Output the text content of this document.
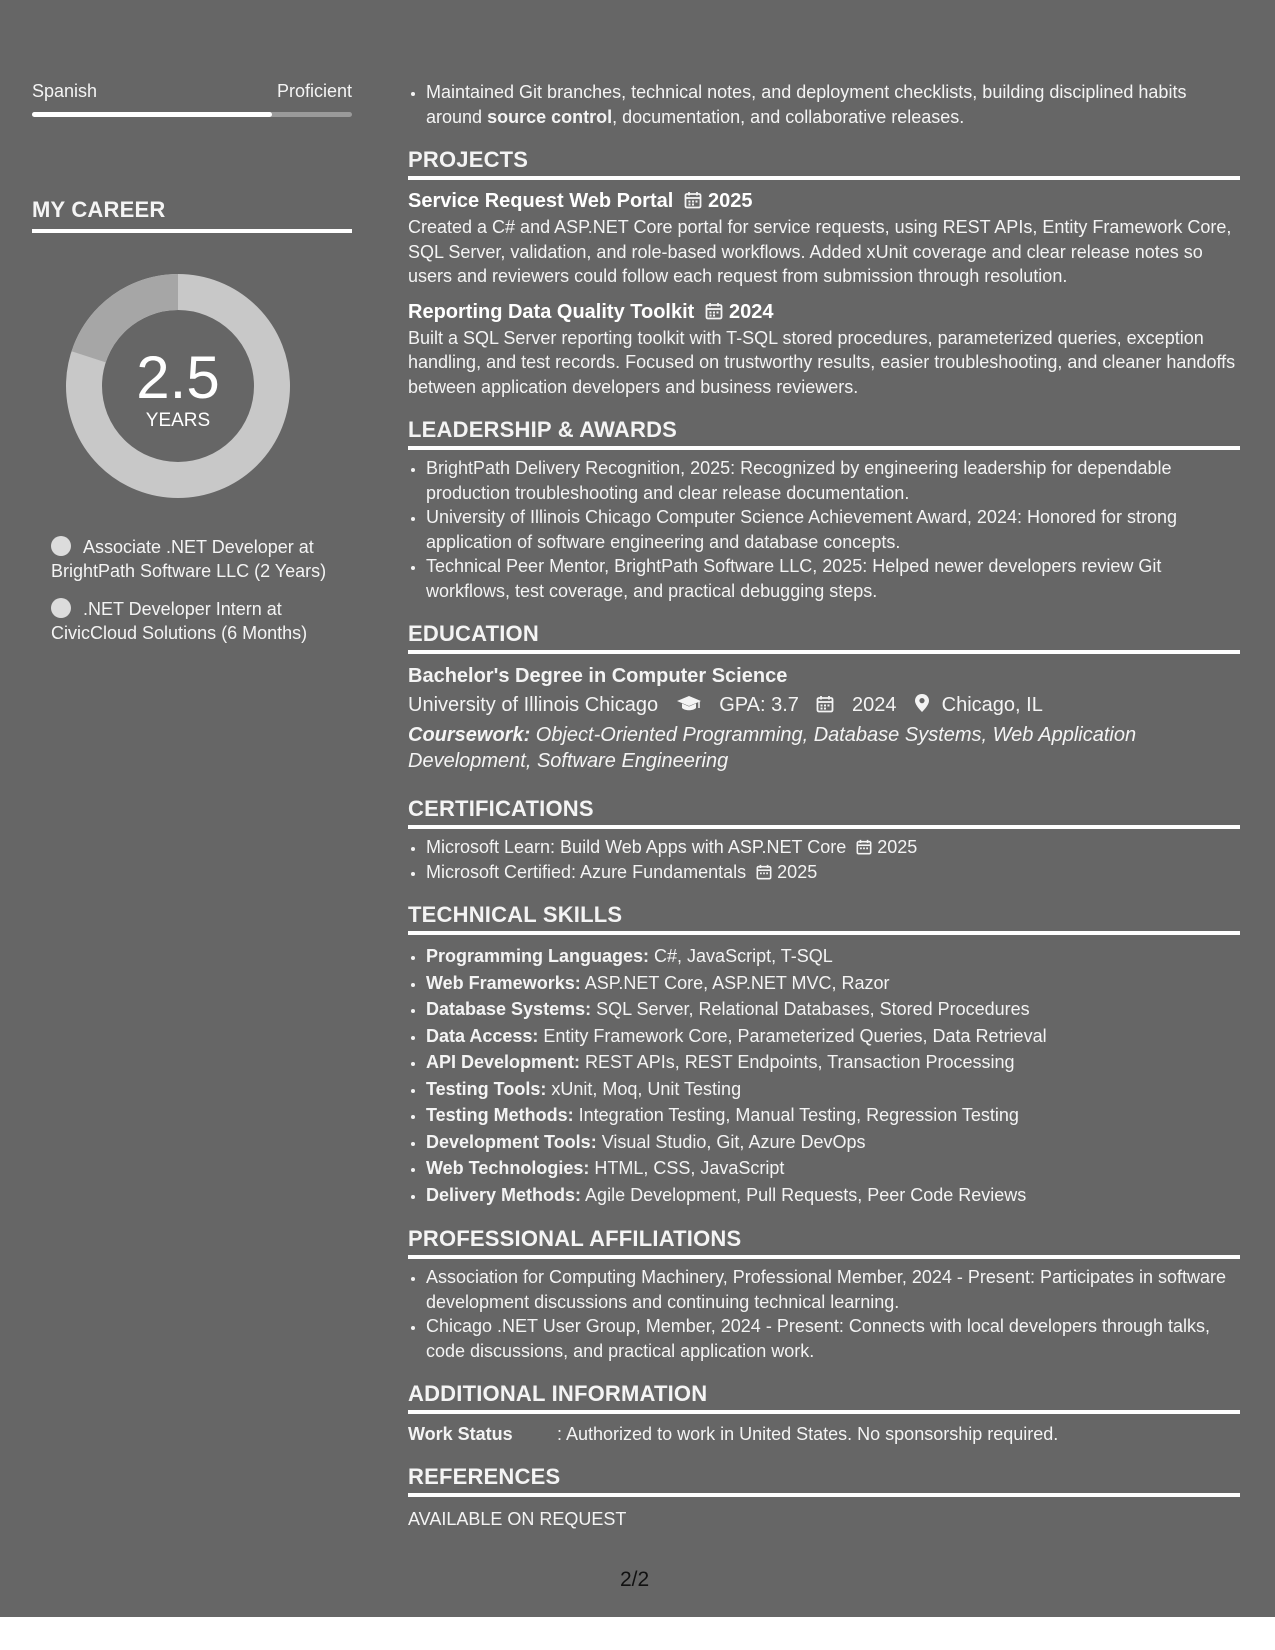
Spanish	Proficient
MY CAREER
2.5
YEARS
Associate .NET Developer at BrightPath Software LLC (2 Years)
.NET Developer Intern at CivicCloud Solutions (6 Months)
• Maintained Git branches, technical notes, and deployment checklists, building disciplined habits around source control, documentation, and collaborative releases.
PROJECTS
Service Request Web Portal 2025

Created a C# and ASP.NET Core portal for service requests, using REST APIs, Entity Framework Core, SQL Server, validation, and role-based workflows. Added xUnit coverage and clear release notes so users and reviewers could follow each request from submission through resolution.

Reporting Data Quality Toolkit 2024

Built a SQL Server reporting toolkit with T-SQL stored procedures, parameterized queries, exception handling, and test records. Focused on trustworthy results, easier troubleshooting, and cleaner handoffs between application developers and business reviewers.

LEADERSHIP & AWARDS
• BrightPath Delivery Recognition, 2025: Recognized by engineering leadership for dependable production troubleshooting and clear release documentation.
• University of Illinois Chicago Computer Science Achievement Award, 2024: Honored for strong application of software engineering and database concepts.
• Technical Peer Mentor, BrightPath Software LLC, 2025: Helped newer developers review Git workflows, test coverage, and practical debugging steps.
EDUCATION
Bachelor's Degree in Computer Science
University of Illinois Chicago	GPA: 3.7	2024 Chicago, IL
Coursework: Object-Oriented Programming, Database Systems, Web Application Development, Software Engineering
CERTIFICATIONS
• Microsoft Learn: Build Web Apps with ASP.NET Core 2025
• Microsoft Certified: Azure Fundamentals 2025
TECHNICAL SKILLS
• Programming Languages: C#, JavaScript, T-SQL
• Web Frameworks: ASP.NET Core, ASP.NET MVC, Razor
• Database Systems: SQL Server, Relational Databases, Stored Procedures
• Data Access: Entity Framework Core, Parameterized Queries, Data Retrieval
• API Development: REST APIs, REST Endpoints, Transaction Processing
• Testing Tools: xUnit, Moq, Unit Testing
• Testing Methods: Integration Testing, Manual Testing, Regression Testing
• Development Tools: Visual Studio, Git, Azure DevOps
• Web Technologies: HTML, CSS, JavaScript
• Delivery Methods: Agile Development, Pull Requests, Peer Code Reviews
PROFESSIONAL AFFILIATIONS
• Association for Computing Machinery, Professional Member, 2024 - Present: Participates in software development discussions and continuing technical learning.
• Chicago .NET User Group, Member, 2024 - Present: Connects with local developers through talks, code discussions, and practical application work.
ADDITIONAL INFORMATION
Work Status	: Authorized to work in United States. No sponsorship required.
REFERENCES
AVAILABLE ON REQUEST
2/2
